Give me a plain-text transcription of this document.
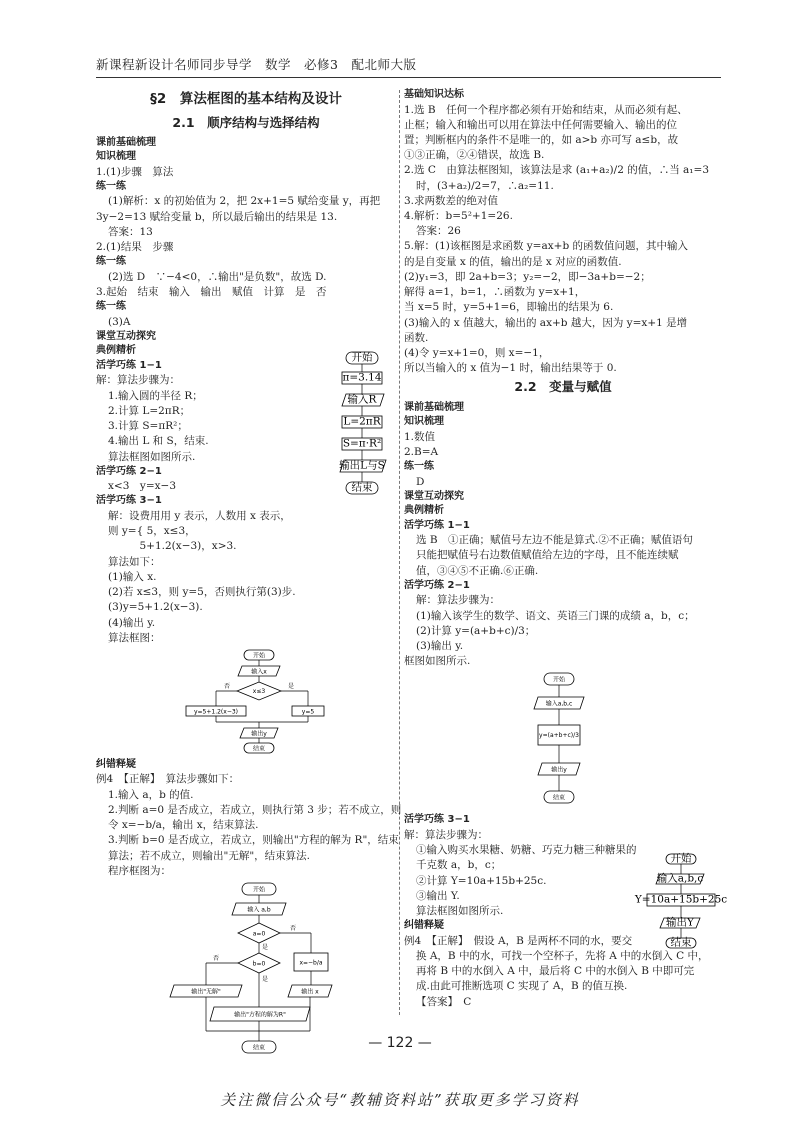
新课程新设计名师同步导学　数学　必修3　配北师大版
§2　算法框图的基本结构及设计
2.1　顺序结构与选择结构

课前基础梳理

知识梳理

1.(1)步骤　算法

练一练

(1)解析：x 的初始值为 2，把 2x+1=5 赋给变量 y，再把

3y−2=13 赋给变量 b，所以最后输出的结果是 13.

答案：13

2.(1)结果　步骤

练一练

(2)选 D　∵−4<0，∴输出"是负数"，故选 D.

3.起始　结束　输入　输出　赋值　计算　是　否

练一练

(3)A

课堂互动探究

典例精析

活学巧练 1−1

解：算法步骤为：

1.输入圆的半径 R；

2.计算 L=2πR；

3.计算 S=πR²；

4.输出 L 和 S，结束.

算法框图如图所示.

活学巧练 2−1

x<3　y=x−3

活学巧练 3−1

解：设费用用 y 表示，人数用 x 表示，

则 y={ 5，x≤3，

　　　5+1.2(x−3)，x>3.

算法如下：

(1)输入 x.

(2)若 x≤3，则 y=5，否则执行第(3)步.

(3)y=5+1.2(x−3).

(4)输出 y.

算法框图：

开始
输入x
x≤3
否	是
y=5+1.2(x−3)	y=5
输出y
结束

纠错释疑

例4　【正解】　算法步骤如下：

1.输入 a，b 的值.

2.判断 a=0 是否成立，若成立，则执行第 3 步；若不成立，则

令 x=−b/a，输出 x，结束算法.

3.判断 b=0 是否成立，若成立，则输出"方程的解为 R"，结束

算法；若不成立，则输出"无解"，结束算法.

程序框图为：

开始
输入 a,b
a=0
否
是
b=0	x=−b/a
否
是
输出"无解"	输出 x
输出"方程的解为R"
结束
开始
π=3.14
输入R
L=2πR
S=π·R²
输出L与S
结束

基础知识达标

1.选 B　任何一个程序都必须有开始和结束，从而必须有起、

止框；输入和输出可以用在算法中任何需要输入、输出的位

置；判断框内的条件不是唯一的，如 a>b 亦可写 a≤b，故

①③正确，②④错误，故选 B.

2.选 C　由算法框图知，该算法是求 (a₁+a₂)/2 的值，∴当 a₁=3

时，(3+a₂)/2=7，∴a₂=11.

3.求两数差的绝对值

4.解析：b=5²+1=26.

答案：26

5.解：(1)该框图是求函数 y=ax+b 的函数值问题，其中输入

的是自变量 x 的值，输出的是 x 对应的函数值.

(2)y₁=3，即 2a+b=3；y₂=−2，即−3a+b=−2；

解得 a=1，b=1，∴函数为 y=x+1，

当 x=5 时，y=5+1=6，即输出的结果为 6.

(3)输入的 x 值越大，输出的 ax+b 越大，因为 y=x+1 是增

函数.

(4)令 y=x+1=0，则 x=−1，

所以当输入的 x 值为−1 时，输出结果等于 0.

2.2　变量与赋值

课前基础梳理

知识梳理

1.数值

2.B=A

练一练

D

课堂互动探究

典例精析

活学巧练 1−1

选 B　①正确；赋值号左边不能是算式.②不正确；赋值语句

只能把赋值号右边数值赋值给左边的字母，且不能连续赋

值，③④⑤不正确.⑥正确.

活学巧练 2−1

解：算法步骤为：

(1)输入该学生的数学、语文、英语三门课的成绩 a，b，c；

(2)计算 y=(a+b+c)/3；

(3)输出 y.

框图如图所示.

开始
输入a,b,c
y=(a+b+c)/3
输出y
结束

活学巧练 3−1

解：算法步骤为：

①输入购买水果糖、奶糖、巧克力糖三种糖果的

千克数 a，b，c；

②计算 Y=10a+15b+25c.

③输出 Y.

算法框图如图所示.

纠错释疑

例4　【正解】　假设 A，B 是两杯不同的水，要交

换 A，B 中的水，可找一个空杯子，先将 A 中的水倒入 C 中，

再将 B 中的水倒入 A 中，最后将 C 中的水倒入 B 中即可完

成.由此可推断选项 C 实现了 A，B 的值互换.

【答案】　C

开始
输入a,b,c
Y=10a+15b+25c
输出Y
结束
— 122 —
关注微信公众号“教辅资料站”获取更多学习资料
